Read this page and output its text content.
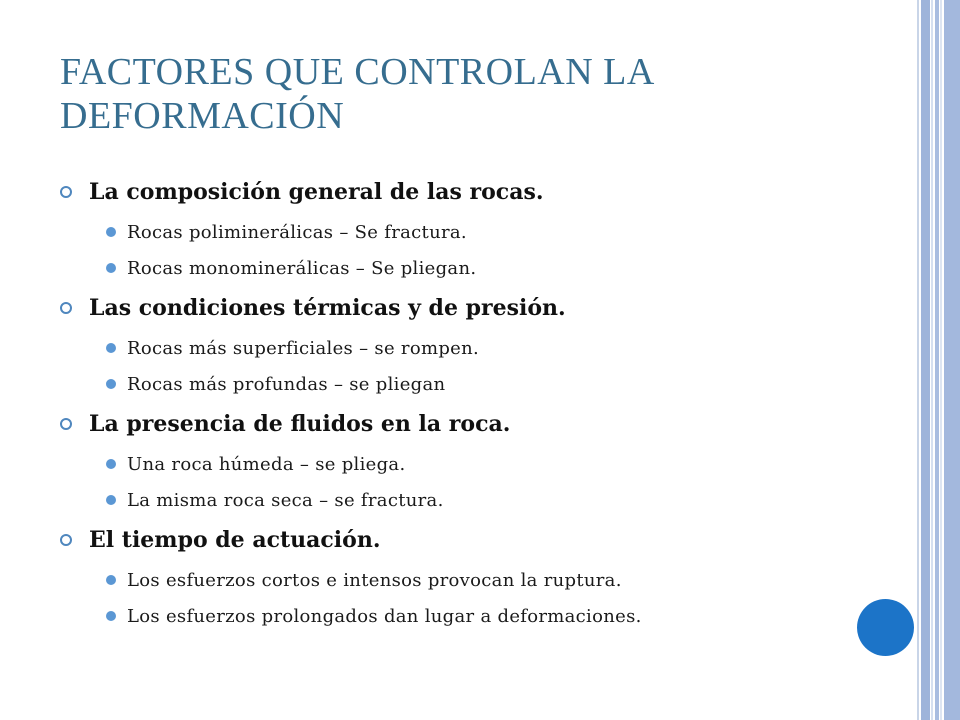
FACTORES QUE CONTROLAN LA DEFORMACIÓN
La composición general de las rocas.
Rocas poliminerálicas – Se fractura.
Rocas monominerálicas – Se pliegan.
Las condiciones térmicas y de presión.
Rocas más superficiales – se rompen.
Rocas más profundas – se pliegan
La presencia de fluidos en la roca.
Una roca húmeda – se pliega.
La misma roca seca – se fractura.
El tiempo de actuación.
Los esfuerzos cortos e intensos provocan la ruptura.
Los esfuerzos prolongados dan lugar a deformaciones.
